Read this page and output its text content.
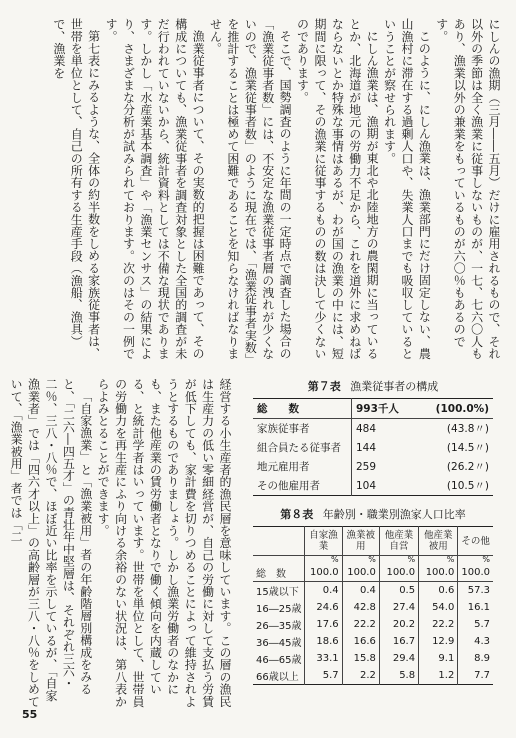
にしんの漁期（三月――五月）だけに雇用されるもので、それ以外の季節は全く漁業に従事しないものが、一七、七六〇人もあり、漁業以外の兼業をもっているものが六〇％もあるのです。

このように、にしん漁業は、漁業部門にだけ固定しない、農山漁村に滞在する過剰人口や、失業人口までも吸収しているということが察せられます。

にしん漁業は、漁期が東北や北陸地方の農閑期に当っているとか、北海道が地元の労働力不足から、これを道外に求めねばならないとか特殊な事情はあるが、わが国の漁業の中には、短期間に限って、その漁業に従事するものの数は決して少くないのであります。

そこで、国勢調査のように年間の一定時点で調査した場合の「漁業従事者数」には、不安定な漁業従事者層の洩れが少くないので、漁業従事者数」のように現在では、「漁業従事者実数」を推計することは極めて困難であることを知らなければなりません。

漁業従事者について、その実数的把握は困難であって、その構成についても、漁業従事者を調査対象とした全国的調査が未だ行われていないから、統計資料としては不備な現状であります。しかし「水産業基本調査」や「漁業センサス」の結果により、さまざまな分析が試みられております。次のはその一例です。

第七表にみるような、全体の約半数をしめる家族従事者は、世帯を単位として、自己の所有する生産手段（漁船、漁具）で、漁業を

経営する小生産者的漁民層を意味しています。この層の漁民は生産力の低い零細経営が、自己の労働に対して支払う労賃が低下しても、家計費を切りつめることによって維持されようとするものでありましょう。しかし漁業労働者のなかにも、また他産業の賃労働者となりで働く傾向を内蔵している、と統計学者はいっています。世帯を単位として、世帯員の労働力を再生産にふり向ける余裕のない状況は、第八表からよみとることができます。

「自家漁業」と「漁業被用」者の年齢階層別構成をみると、「二六―四五才」の青壮年中堅層は、それぞれ三六・二％、三八・八％で、ほぼ近い比率を示しているが、「自家漁業者」では「四六才以上」の高齢層が三八・八％をしめていて、「漁業被用」者では「二	第７表 漁業従事者の構成
総　　数	993千人	(100.0%)
家族従事者	484	(43.8〃)
組合員たる従事者	144	(14.5〃)
地元雇用者	259	(26.2〃)
その他雇用者	104	(10.5〃)
第８表 年齢別・職業別漁家人口比率
	自家漁業	漁業被用	他産業自営	他産業被用	その他
	%	%	%	%	%
総　数	100.0	100.0	100.0	100.0	100.0
15歳以下	0.4	0.4	0.5	0.6	57.3
16―25歳	24.6	42.8	27.4	54.0	16.1
26―35歳	17.6	22.2	20.2	22.2	5.7
36―45歳	18.6	16.6	16.7	12.9	4.3
46―65歳	33.1	15.8	29.4	9.1	8.9
66歳以上	5.7	2.2	5.8	1.2	7.7
55
